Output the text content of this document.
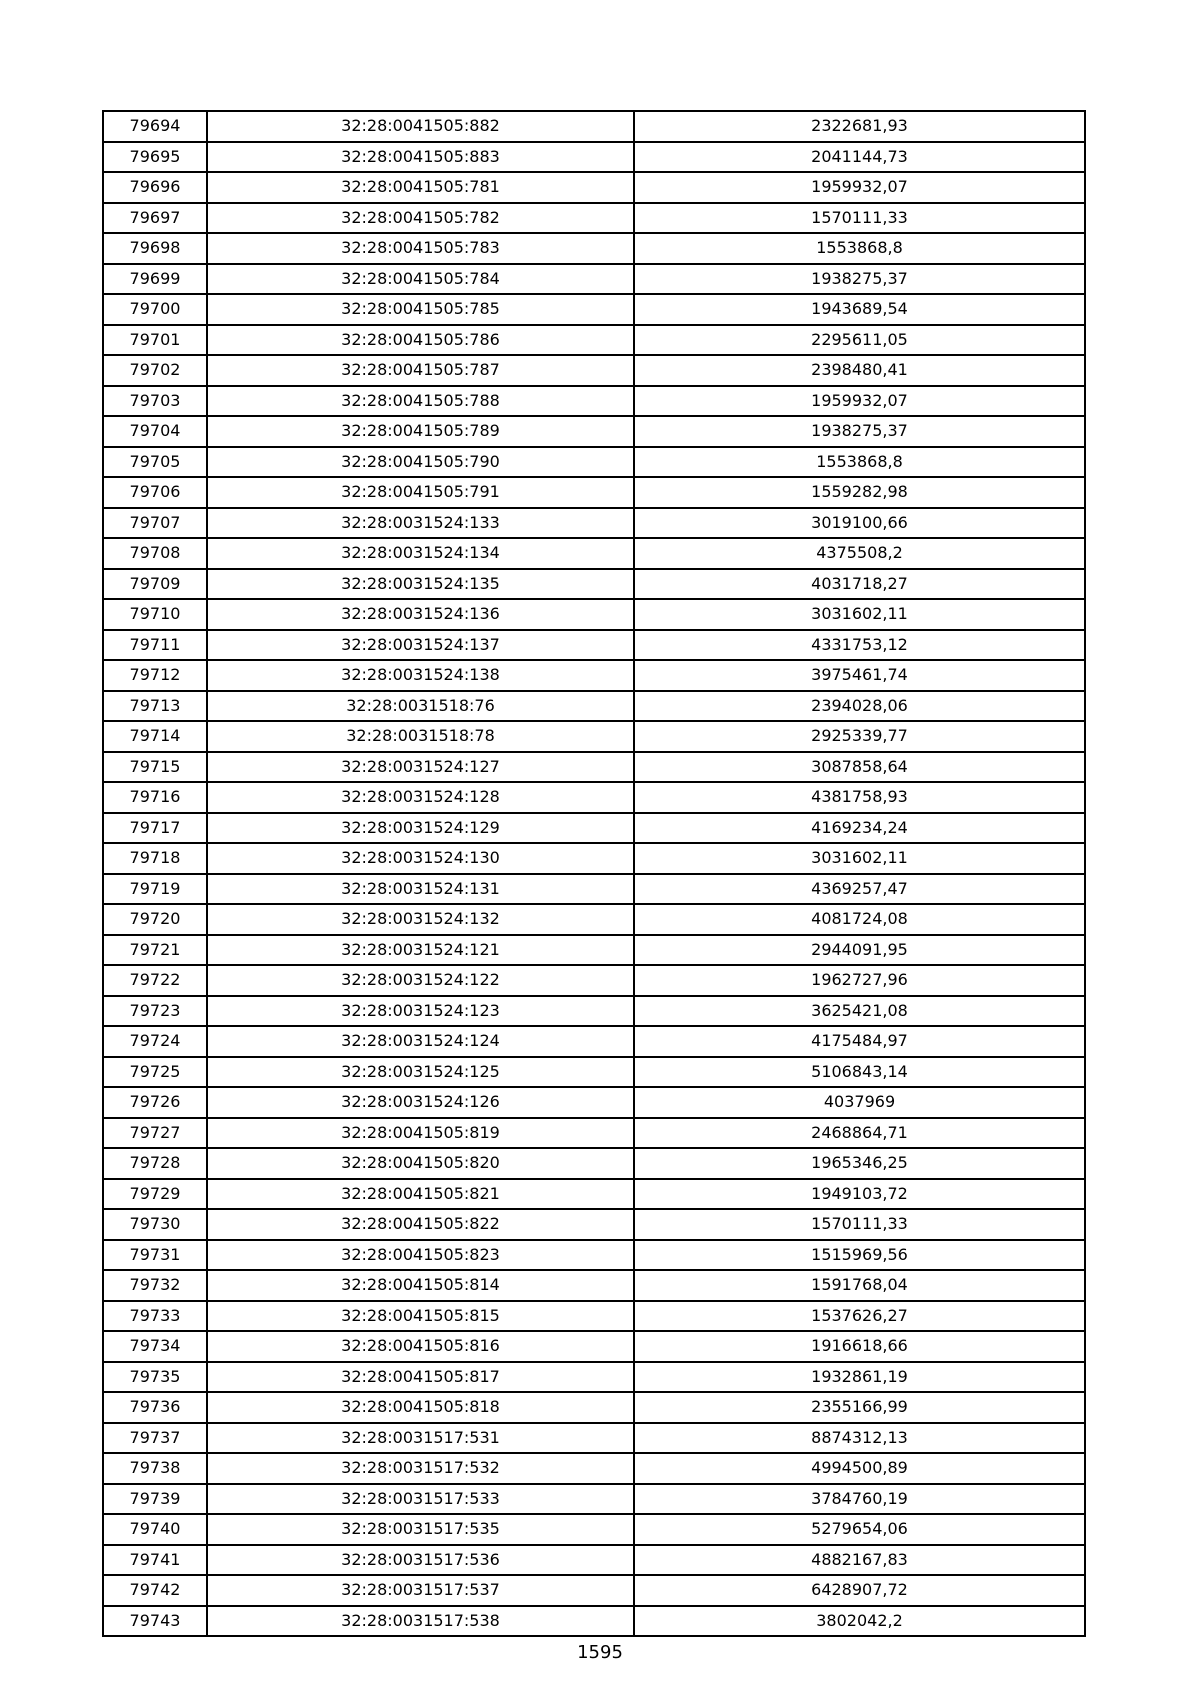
79694	32:28:0041505:882	2322681,93
79695	32:28:0041505:883	2041144,73
79696	32:28:0041505:781	1959932,07
79697	32:28:0041505:782	1570111,33
79698	32:28:0041505:783	1553868,8
79699	32:28:0041505:784	1938275,37
79700	32:28:0041505:785	1943689,54
79701	32:28:0041505:786	2295611,05
79702	32:28:0041505:787	2398480,41
79703	32:28:0041505:788	1959932,07
79704	32:28:0041505:789	1938275,37
79705	32:28:0041505:790	1553868,8
79706	32:28:0041505:791	1559282,98
79707	32:28:0031524:133	3019100,66
79708	32:28:0031524:134	4375508,2
79709	32:28:0031524:135	4031718,27
79710	32:28:0031524:136	3031602,11
79711	32:28:0031524:137	4331753,12
79712	32:28:0031524:138	3975461,74
79713	32:28:0031518:76	2394028,06
79714	32:28:0031518:78	2925339,77
79715	32:28:0031524:127	3087858,64
79716	32:28:0031524:128	4381758,93
79717	32:28:0031524:129	4169234,24
79718	32:28:0031524:130	3031602,11
79719	32:28:0031524:131	4369257,47
79720	32:28:0031524:132	4081724,08
79721	32:28:0031524:121	2944091,95
79722	32:28:0031524:122	1962727,96
79723	32:28:0031524:123	3625421,08
79724	32:28:0031524:124	4175484,97
79725	32:28:0031524:125	5106843,14
79726	32:28:0031524:126	4037969
79727	32:28:0041505:819	2468864,71
79728	32:28:0041505:820	1965346,25
79729	32:28:0041505:821	1949103,72
79730	32:28:0041505:822	1570111,33
79731	32:28:0041505:823	1515969,56
79732	32:28:0041505:814	1591768,04
79733	32:28:0041505:815	1537626,27
79734	32:28:0041505:816	1916618,66
79735	32:28:0041505:817	1932861,19
79736	32:28:0041505:818	2355166,99
79737	32:28:0031517:531	8874312,13
79738	32:28:0031517:532	4994500,89
79739	32:28:0031517:533	3784760,19
79740	32:28:0031517:535	5279654,06
79741	32:28:0031517:536	4882167,83
79742	32:28:0031517:537	6428907,72
79743	32:28:0031517:538	3802042,2
1595
